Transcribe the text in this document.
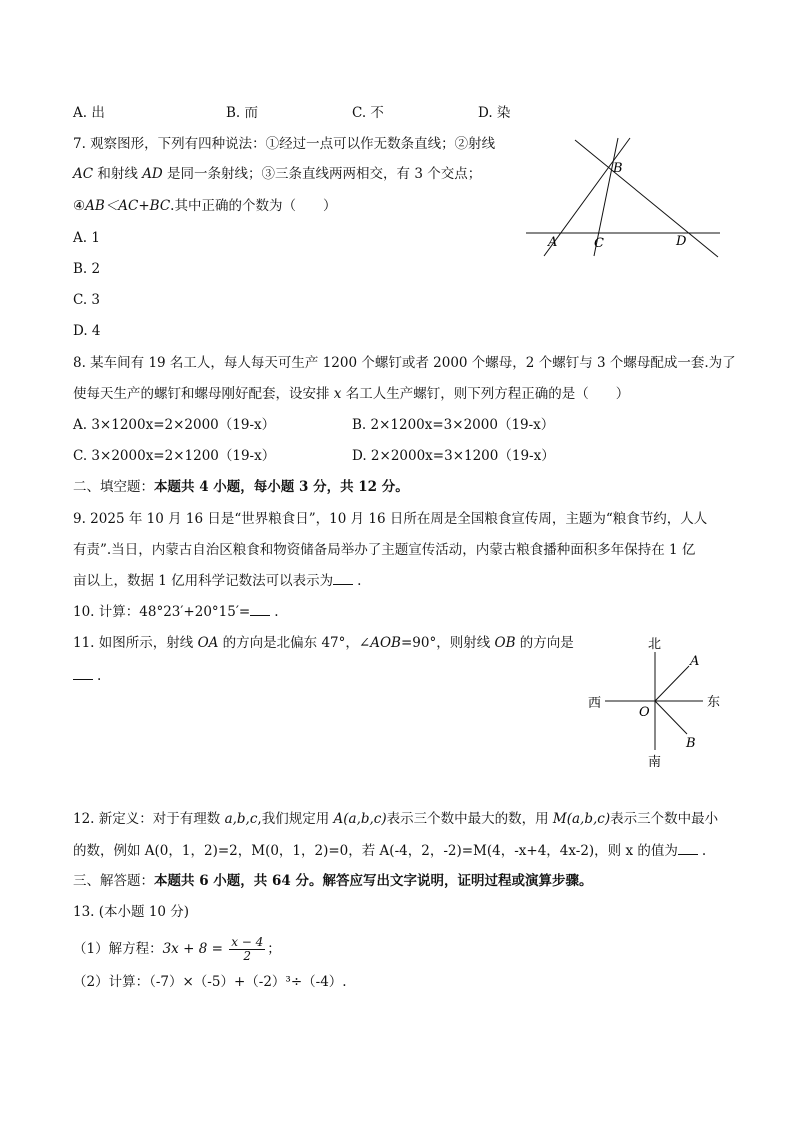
A. 出	B. 而	C. 不	D. 染
7. 观察图形，下列有四种说法：①经过一点可以作无数条直线；②射线
AC 和射线 AD 是同一条射线；③三条直线两两相交，有 3 个交点；
④AB＜AC+BC.其中正确的个数为（　　）
A. 1
B. 2
C. 3
D. 4
B
A	C	D
8. 某车间有 19 名工人，每人每天可生产 1200 个螺钉或者 2000 个螺母，2 个螺钉与 3 个螺母配成一套.为了
使每天生产的螺钉和螺母刚好配套，设安排 x 名工人生产螺钉，则下列方程正确的是（　　）
A. 3×1200x=2×2000（19-x）	B. 2×1200x=3×2000（19-x）
C. 3×2000x=2×1200（19-x）	D. 2×2000x=3×1200（19-x）
二、填空题：本题共 4 小题，每小题 3 分，共 12 分。
9. 2025 年 10 月 16 日是“世界粮食日”，10 月 16 日所在周是全国粮食宣传周，主题为“粮食节约，人人
有责”.当日，内蒙古自治区粮食和物资储备局举办了主题宣传活动，内蒙古粮食播种面积多年保持在 1 亿
亩以上，数据 1 亿用科学记数法可以表示为 .
10. 计算：48°23′+20°15′= .
11. 如图所示，射线 OA 的方向是北偏东 47°，∠AOB=90°，则射线 OB 的方向是
.
北
南
西	东
O
A
B
12. 新定义：对于有理数 a,b,c,我们规定用 A(a,b,c)表示三个数中最大的数，用 M(a,b,c)表示三个数中最小
的数，例如 A(0，1，2)=2，M(0，1，2)=0，若 A(-4，2，-2)=M(4，-x+4，4x-2)，则 x 的值为 .
三、解答题：本题共 6 小题，共 64 分。解答应写出文字说明，证明过程或演算步骤。
13. (本小题 10 分)
（1）解方程：$3x + 8 = \frac{x - 4}{2}$ ；
（2）计算：（-7）×（-5）+（-2）³÷（-4）.
